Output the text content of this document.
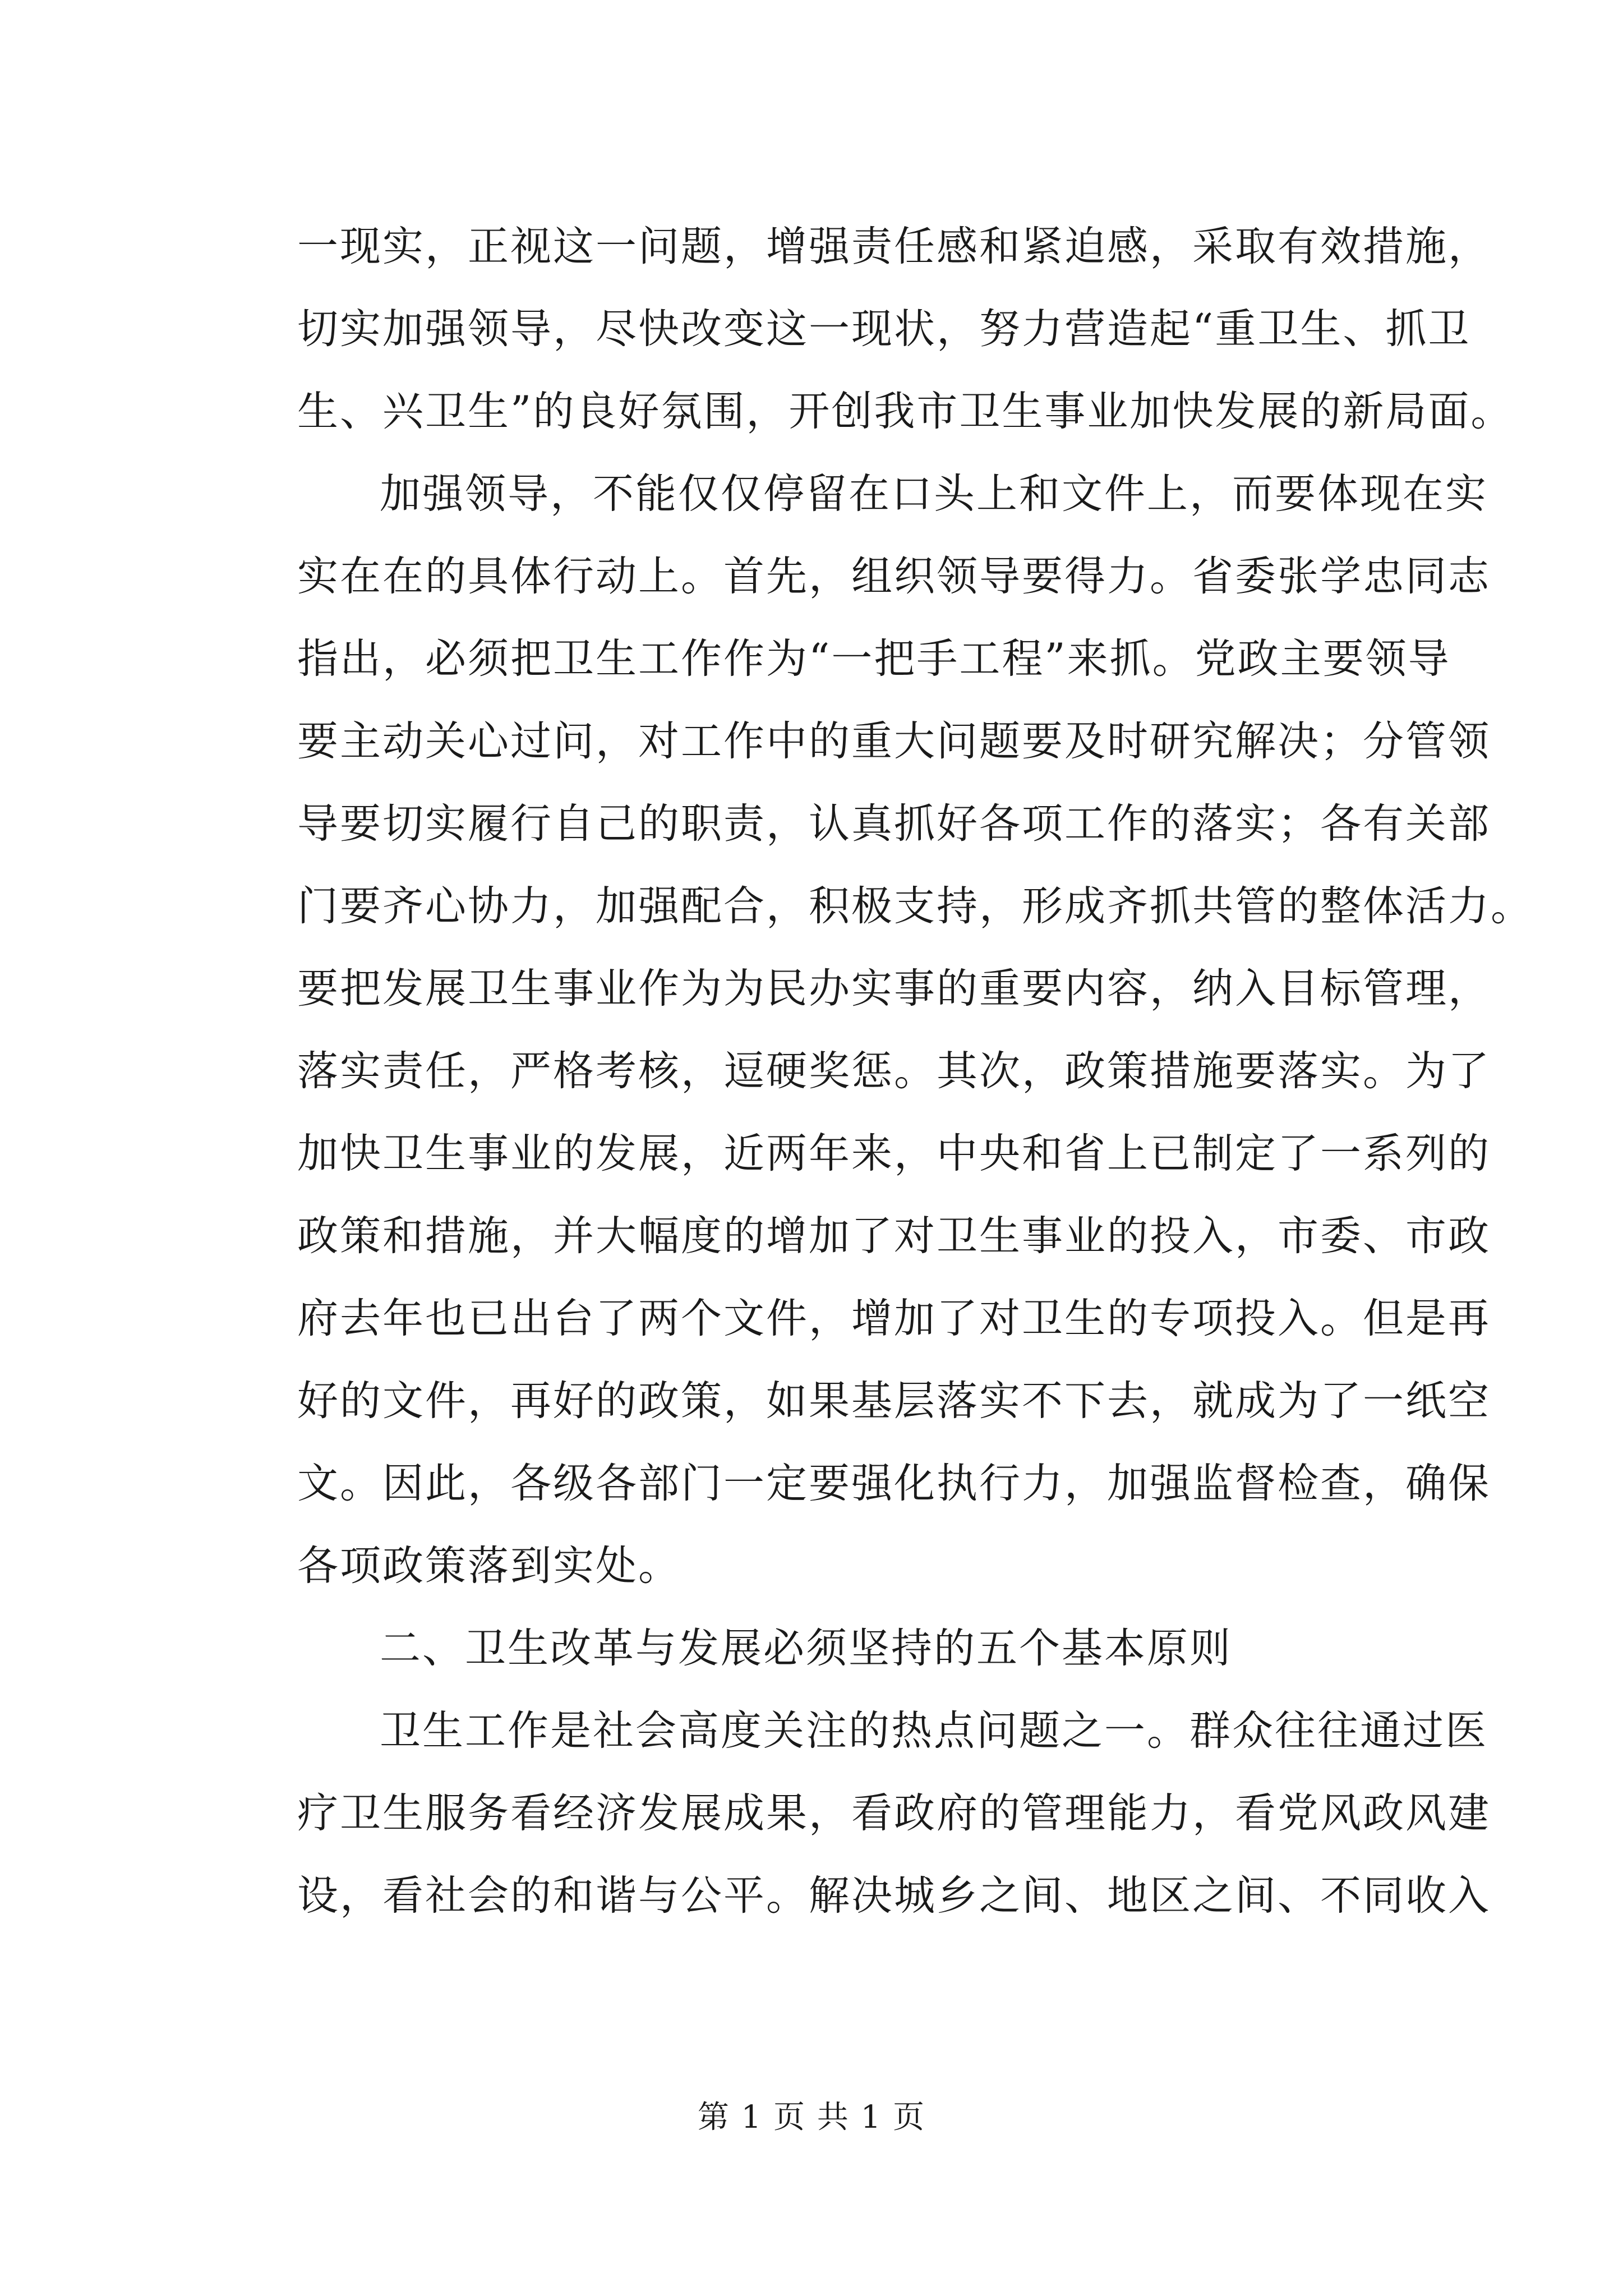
一现实，正视这一问题，增强责任感和紧迫感，采取有效措施，
切实加强领导，尽快改变这一现状，努力营造起“重卫生、抓卫
生、兴卫生”的良好氛围，开创我市卫生事业加快发展的新局面。
加强领导，不能仅仅停留在口头上和文件上，而要体现在实
实在在的具体行动上。首先，组织领导要得力。省委张学忠同志
指出，必须把卫生工作作为“一把手工程”来抓。党政主要领导
要主动关心过问，对工作中的重大问题要及时研究解决；分管领
导要切实履行自己的职责，认真抓好各项工作的落实；各有关部
门要齐心协力，加强配合，积极支持，形成齐抓共管的整体活力。
要把发展卫生事业作为为民办实事的重要内容，纳入目标管理，
落实责任，严格考核，逗硬奖惩。其次，政策措施要落实。为了
加快卫生事业的发展，近两年来，中央和省上已制定了一系列的
政策和措施，并大幅度的增加了对卫生事业的投入，市委、市政
府去年也已出台了两个文件，增加了对卫生的专项投入。但是再
好的文件，再好的政策，如果基层落实不下去，就成为了一纸空
文。因此，各级各部门一定要强化执行力，加强监督检查，确保
各项政策落到实处。
二、卫生改革与发展必须坚持的五个基本原则
卫生工作是社会高度关注的热点问题之一。群众往往通过医
疗卫生服务看经济发展成果，看政府的管理能力，看党风政风建
设，看社会的和谐与公平。解决城乡之间、地区之间、不同收入
第 1 页 共 1 页
